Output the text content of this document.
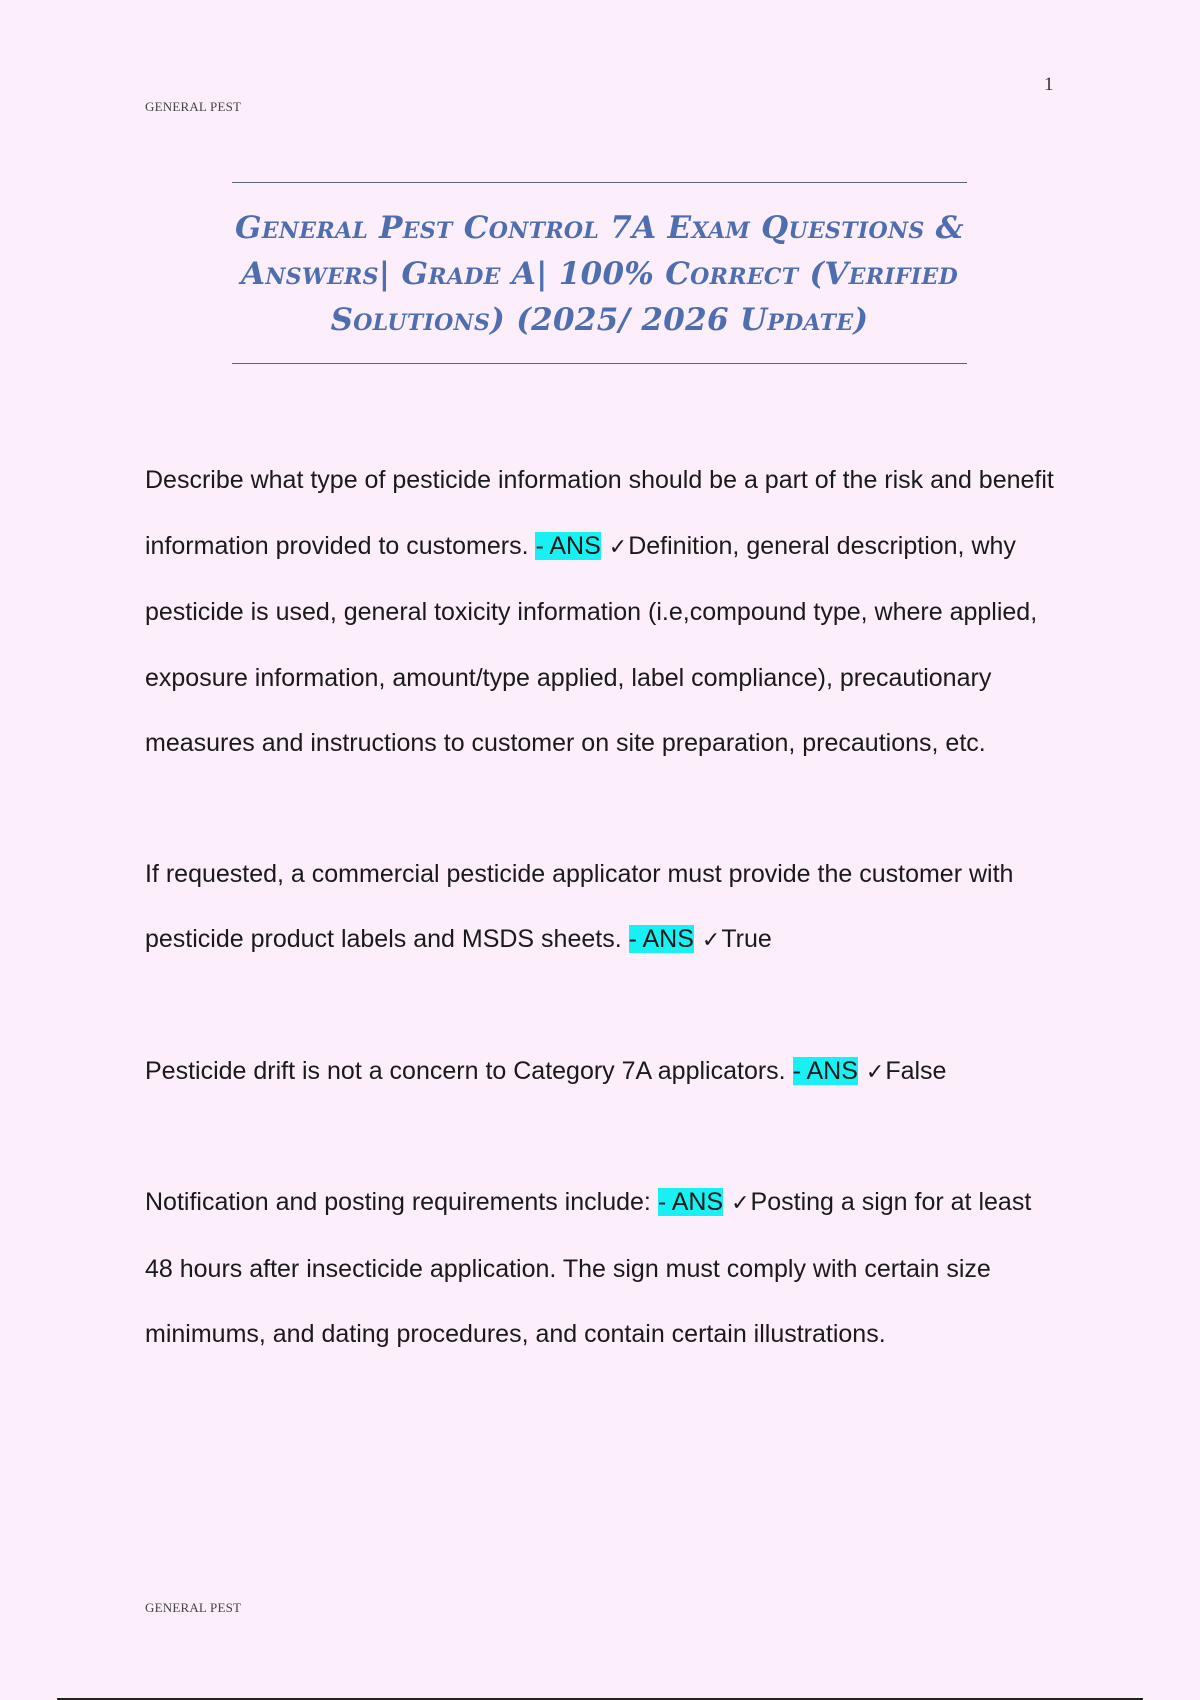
1
GENERAL PEST
General Pest Control 7A Exam Questions &
Answers| Grade A| 100% Correct (Verified
Solutions) (2025/ 2026 Update)

Describe what type of pesticide information should be a part of the risk and benefit information provided to customers. - ANS ✓Definition, general description, why pesticide is used, general toxicity information (i.e,compound type, where applied, exposure information, amount/type applied, label compliance), precautionary measures and instructions to customer on site preparation, precautions, etc.

If requested, a commercial pesticide applicator must provide the customer with pesticide product labels and MSDS sheets. - ANS ✓True

Pesticide drift is not a concern to Category 7A applicators. - ANS ✓False

Notification and posting requirements include: - ANS ✓Posting a sign for at least 48 hours after insecticide application. The sign must comply with certain size minimums, and dating procedures, and contain certain illustrations.

GENERAL PEST
